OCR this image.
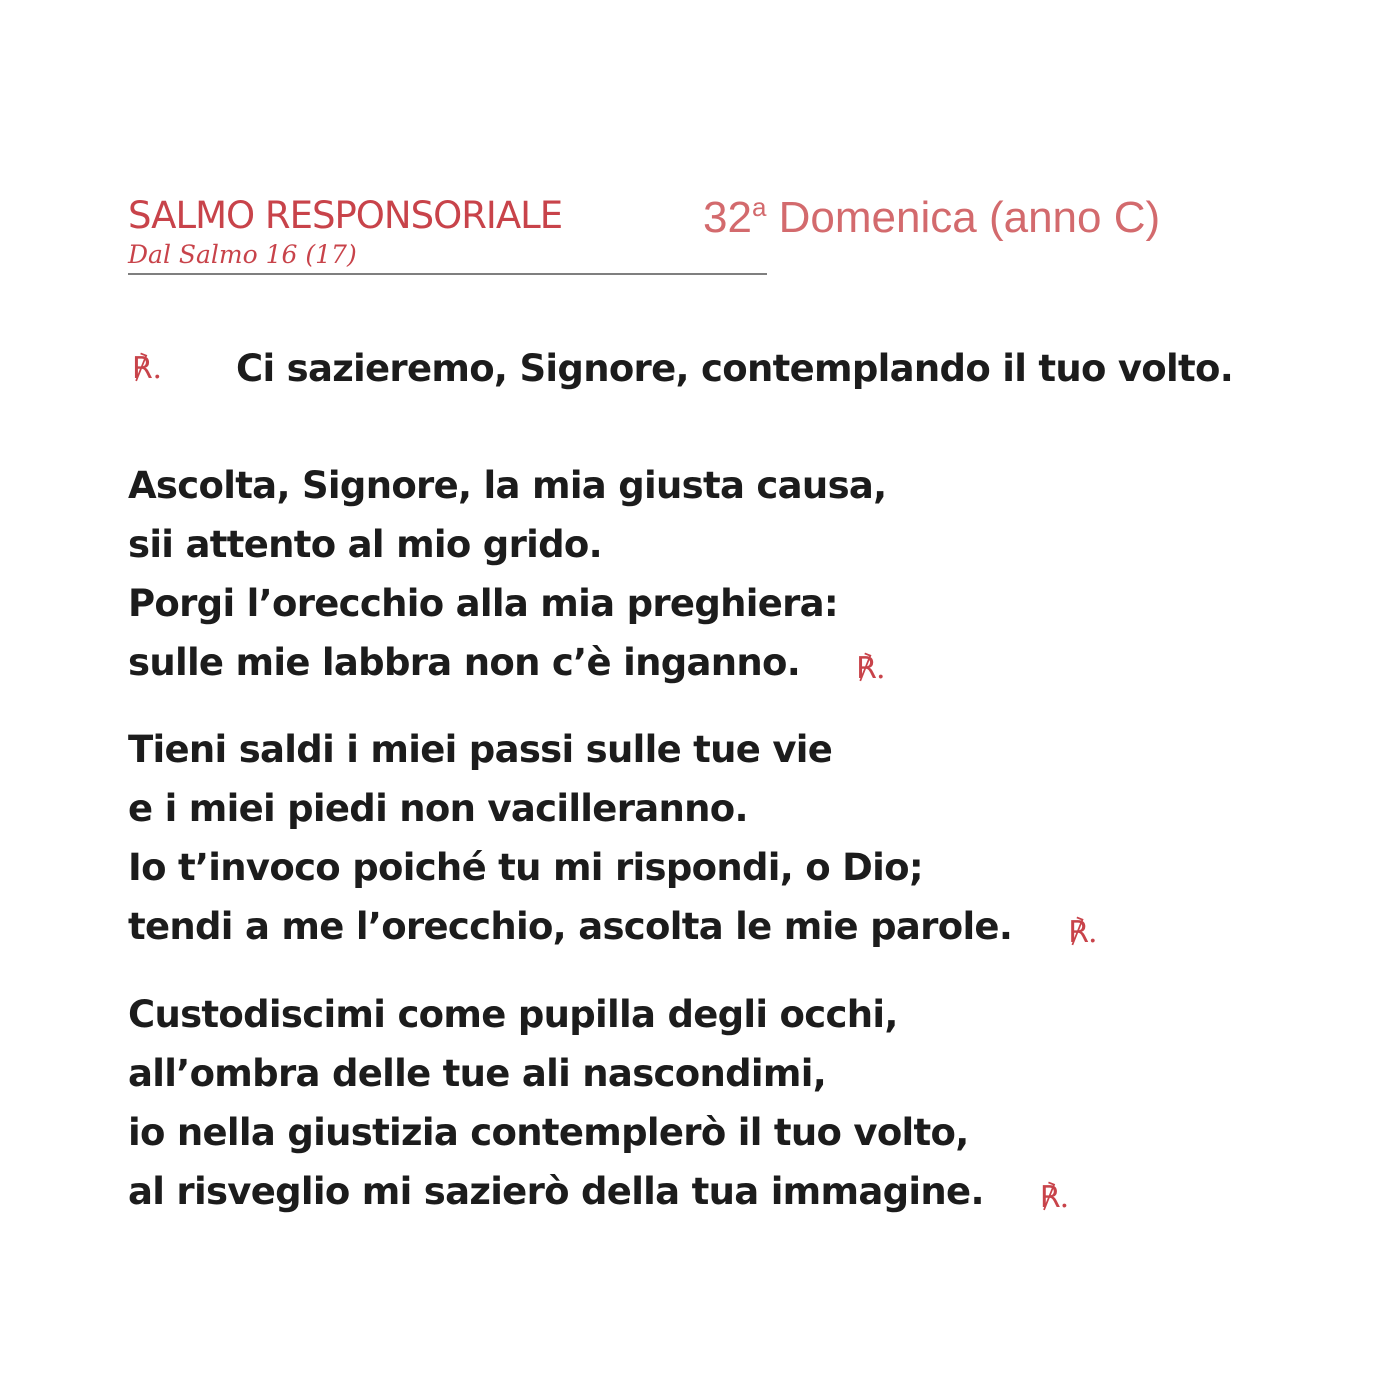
SALMO RESPONSORIALE
Dal Salmo 16 (17)
32$^a$ Domenica (anno C)
℟. Ci sazieremo, Signore, contemplando il tuo volto.
Ascolta, Signore, la mia giusta causa,
sii attento al mio grido.
Porgi l’orecchio alla mia preghiera:
sulle mie labbra non c’è inganno. ℟.
Tieni saldi i miei passi sulle tue vie
e i miei piedi non vacilleranno.
Io t’invoco poiché tu mi rispondi, o Dio;
tendi a me l’orecchio, ascolta le mie parole. ℟.
Custodiscimi come pupilla degli occhi,
all’ombra delle tue ali nascondimi,
io nella giustizia contemplerò il tuo volto,
al risveglio mi sazierò della tua immagine. ℟.
